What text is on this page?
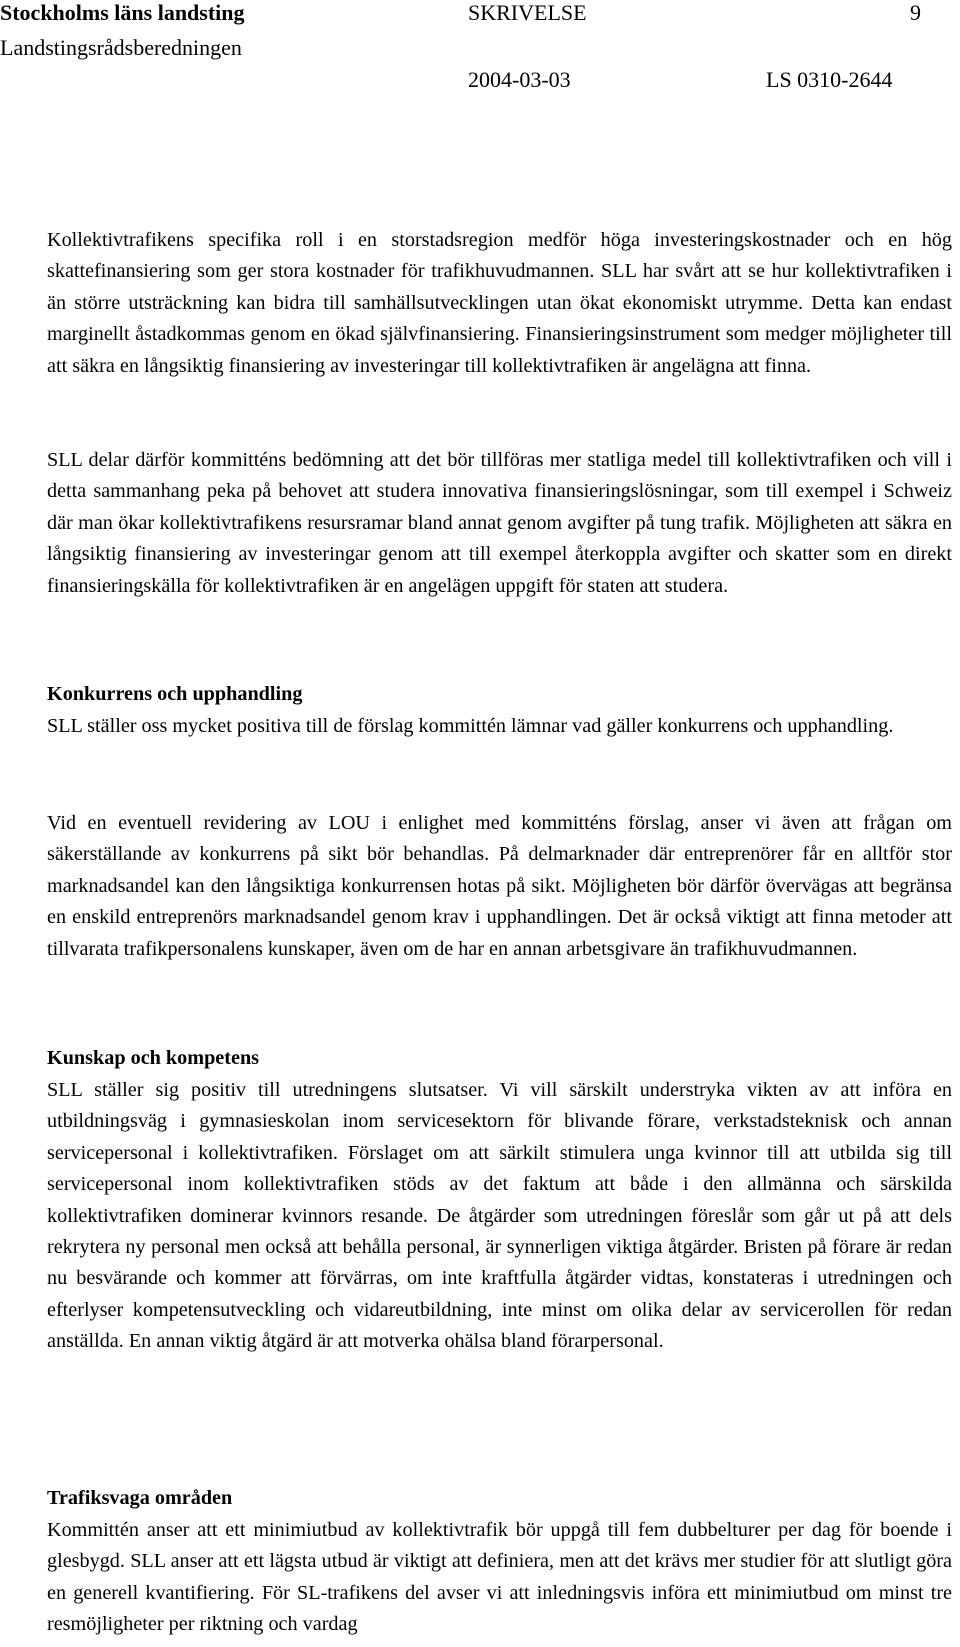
Stockholms läns landsting
Landstingsrådsberedningen
SKRIVELSE	9
2004-03-03	LS 0310-2644

Kollektivtrafikens specifika roll i en storstadsregion medför höga investeringskostnader och en hög skattefinansiering som ger stora kostnader för trafikhuvudmannen. SLL har svårt att se hur kollektivtrafiken i än större utsträckning kan bidra till samhällsutvecklingen utan ökat ekonomiskt utrymme. Detta kan endast marginellt åstadkommas genom en ökad självfinansiering. Finansieringsinstrument som medger möjligheter till att säkra en långsiktig finansiering av investeringar till kollektivtrafiken är angelägna att finna.

SLL delar därför kommitténs bedömning att det bör tillföras mer statliga medel till kollektivtrafiken och vill i detta sammanhang peka på behovet att studera innovativa finansieringslösningar, som till exempel i Schweiz där man ökar kollektivtrafikens resursramar bland annat genom avgifter på tung trafik. Möjligheten att säkra en långsiktig finansiering av investeringar genom att till exempel återkoppla avgifter och skatter som en direkt finansieringskälla för kollektivtrafiken är en angelägen uppgift för staten att studera.

Konkurrens och upphandling

SLL ställer oss mycket positiva till de förslag kommittén lämnar vad gäller konkurrens och upphandling.

Vid en eventuell revidering av LOU i enlighet med kommitténs förslag, anser vi även att frågan om säkerställande av konkurrens på sikt bör behandlas. På delmarknader där entreprenörer får en alltför stor marknadsandel kan den långsiktiga konkurrensen hotas på sikt. Möjligheten bör därför övervägas att begränsa en enskild entreprenörs marknadsandel genom krav i upphandlingen. Det är också viktigt att finna metoder att tillvarata trafikpersonalens kunskaper, även om de har en annan arbetsgivare än trafikhuvudmannen.

Kunskap och kompetens

SLL ställer sig positiv till utredningens slutsatser. Vi vill särskilt understryka vikten av att införa en utbildningsväg i gymnasieskolan inom servicesektorn för blivande förare, verkstadsteknisk och annan servicepersonal i kollektivtrafiken. Förslaget om att särkilt stimulera unga kvinnor till att utbilda sig till servicepersonal inom kollektivtrafiken stöds av det faktum att både i den allmänna och särskilda kollektivtrafiken dominerar kvinnors resande. De åtgärder som utredningen föreslår som går ut på att dels rekrytera ny personal men också att behålla personal, är synnerligen viktiga åtgärder. Bristen på förare är redan nu besvärande och kommer att förvärras, om inte kraftfulla åtgärder vidtas, konstateras i utredningen och efterlyser kompetensutveckling och vidareutbildning, inte minst om olika delar av servicerollen för redan anställda. En annan viktig åtgärd är att motverka ohälsa bland förarpersonal.

Trafiksvaga områden

Kommittén anser att ett minimiutbud av kollektivtrafik bör uppgå till fem dubbelturer per dag för boende i glesbygd. SLL anser att ett lägsta utbud är viktigt att definiera, men att det krävs mer studier för att slutligt göra en generell kvantifiering. För SL-trafikens del avser vi att inledningsvis införa ett minimiutbud om minst tre resmöjligheter per riktning och vardag
